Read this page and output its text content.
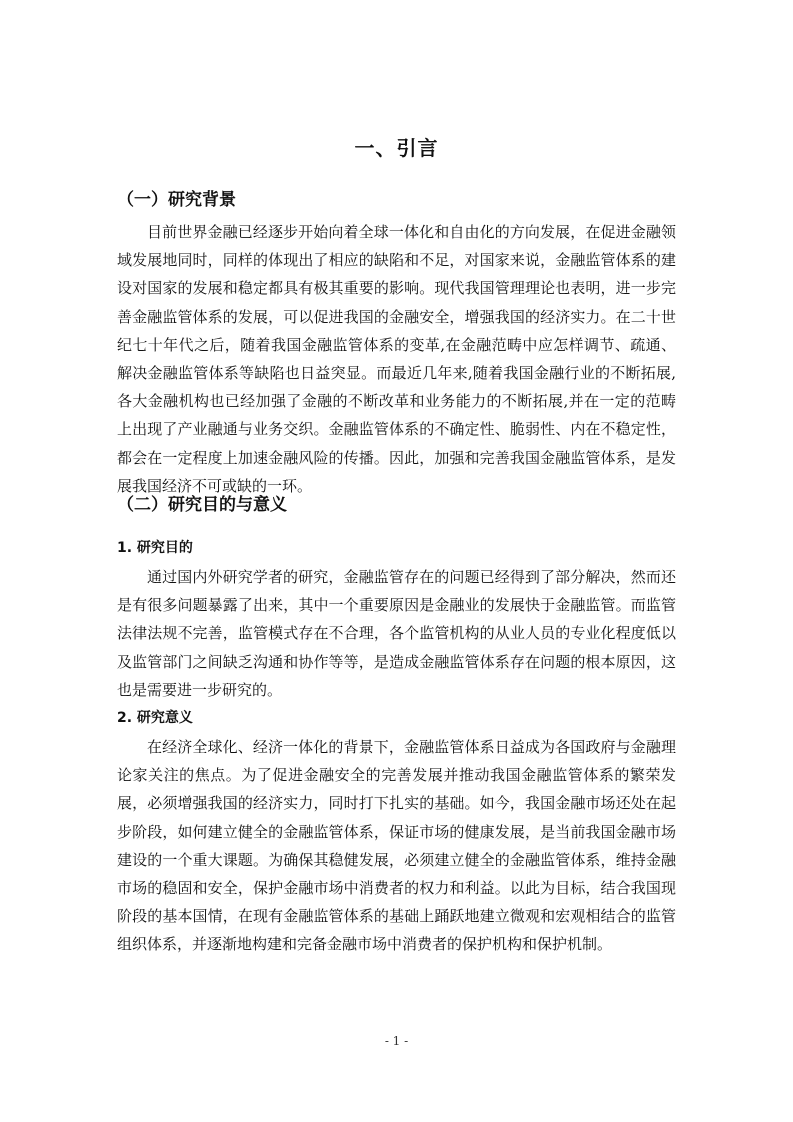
一、引言
（一）研究背景

目前世界金融已经逐步开始向着全球一体化和自由化的方向发展，在促进金融领域发展地同时，同样的体现出了相应的缺陷和不足，对国家来说，金融监管体系的建设对国家的发展和稳定都具有极其重要的影响。现代我国管理理论也表明，进一步完善金融监管体系的发展，可以促进我国的金融安全，增强我国的经济实力。在二十世纪七十年代之后，随着我国金融监管体系的变革,在金融范畴中应怎样调节、疏通、解决金融监管体系等缺陷也日益突显。而最近几年来,随着我国金融行业的不断拓展,各大金融机构也已经加强了金融的不断改革和业务能力的不断拓展,并在一定的范畴上出现了产业融通与业务交织。金融监管体系的不确定性、脆弱性、内在不稳定性，都会在一定程度上加速金融风险的传播。因此，加强和完善我国金融监管体系，是发展我国经济不可或缺的一环。

（二）研究目的与意义
1. 研究目的

通过国内外研究学者的研究，金融监管存在的问题已经得到了部分解决，然而还是有很多问题暴露了出来，其中一个重要原因是金融业的发展快于金融监管。而监管法律法规不完善，监管模式存在不合理，各个监管机构的从业人员的专业化程度低以及监管部门之间缺乏沟通和协作等等，是造成金融监管体系存在问题的根本原因，这也是需要进一步研究的。

2. 研究意义

在经济全球化、经济一体化的背景下，金融监管体系日益成为各国政府与金融理论家关注的焦点。为了促进金融安全的完善发展并推动我国金融监管体系的繁荣发展，必须增强我国的经济实力，同时打下扎实的基础。如今，我国金融市场还处在起步阶段，如何建立健全的金融监管体系，保证市场的健康发展，是当前我国金融市场建设的一个重大课题。为确保其稳健发展，必须建立健全的金融监管体系，维持金融市场的稳固和安全，保护金融市场中消费者的权力和利益。以此为目标，结合我国现阶段的基本国情，在现有金融监管体系的基础上踊跃地建立微观和宏观相结合的监管组织体系，并逐渐地构建和完备金融市场中消费者的保护机构和保护机制。

- 1 -
